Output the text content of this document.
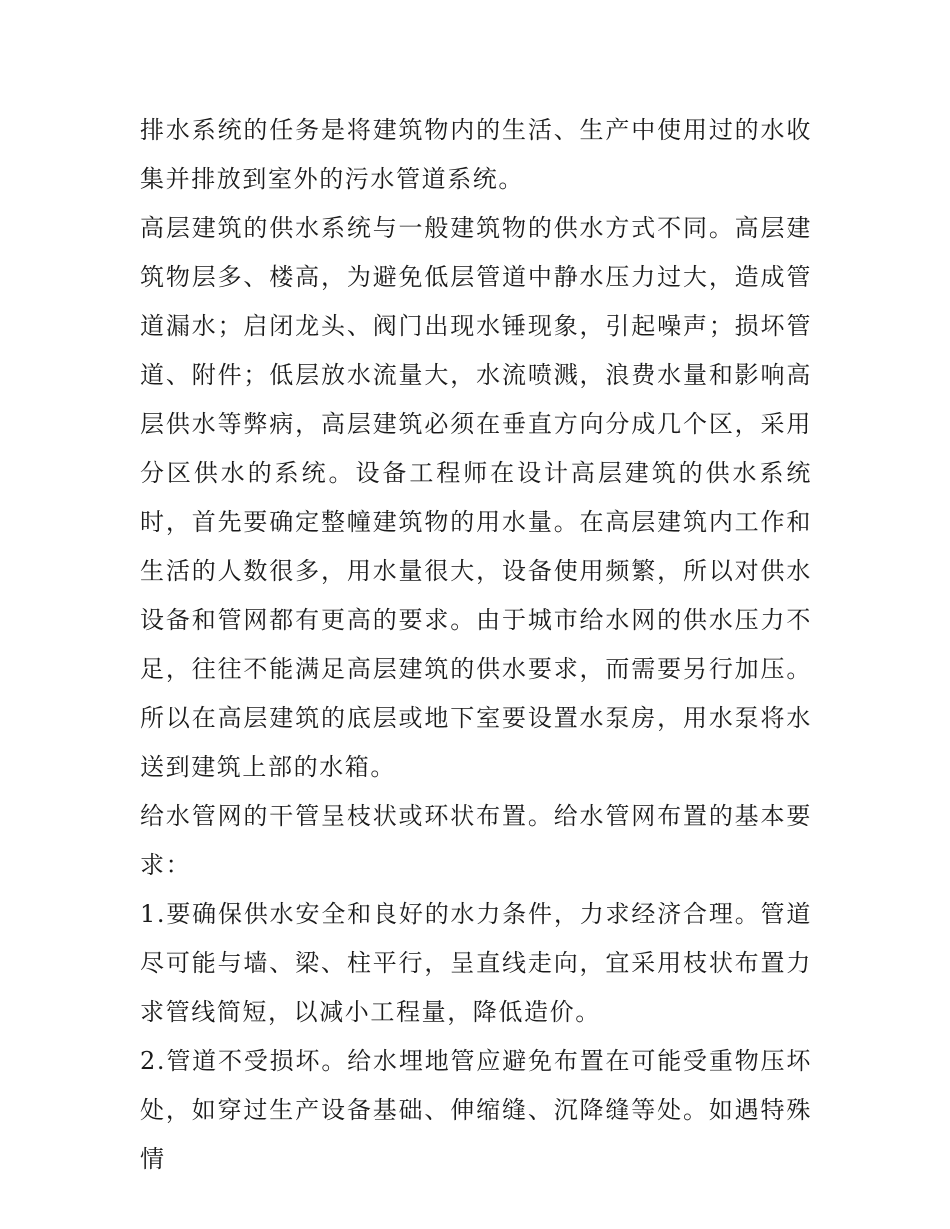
排水系统的任务是将建筑物内的生活、生产中使用过的水收集并排放到室外的污水管道系统。

高层建筑的供水系统与一般建筑物的供水方式不同。高层建筑物层多、楼高，为避免低层管道中静水压力过大，造成管道漏水；启闭龙头、阀门出现水锤现象，引起噪声；损坏管道、附件；低层放水流量大，水流喷溅，浪费水量和影响高层供水等弊病，高层建筑必须在垂直方向分成几个区，采用分区供水的系统。设备工程师在设计高层建筑的供水系统时，首先要确定整幢建筑物的用水量。在高层建筑内工作和生活的人数很多，用水量很大，设备使用频繁，所以对供水设备和管网都有更高的要求。由于城市给水网的供水压力不足，往往不能满足高层建筑的供水要求，而需要另行加压。所以在高层建筑的底层或地下室要设置水泵房，用水泵将水送到建筑上部的水箱。

给水管网的干管呈枝状或环状布置。给水管网布置的基本要求：

1.要确保供水安全和良好的水力条件，力求经济合理。管道尽可能与墙、梁、柱平行，呈直线走向，宜采用枝状布置力求管线简短，以减小工程量，降低造价。

2.管道不受损坏。给水埋地管应避免布置在可能受重物压坏处，如穿过生产设备基础、伸缩缝、沉降缝等处。如遇特殊情
